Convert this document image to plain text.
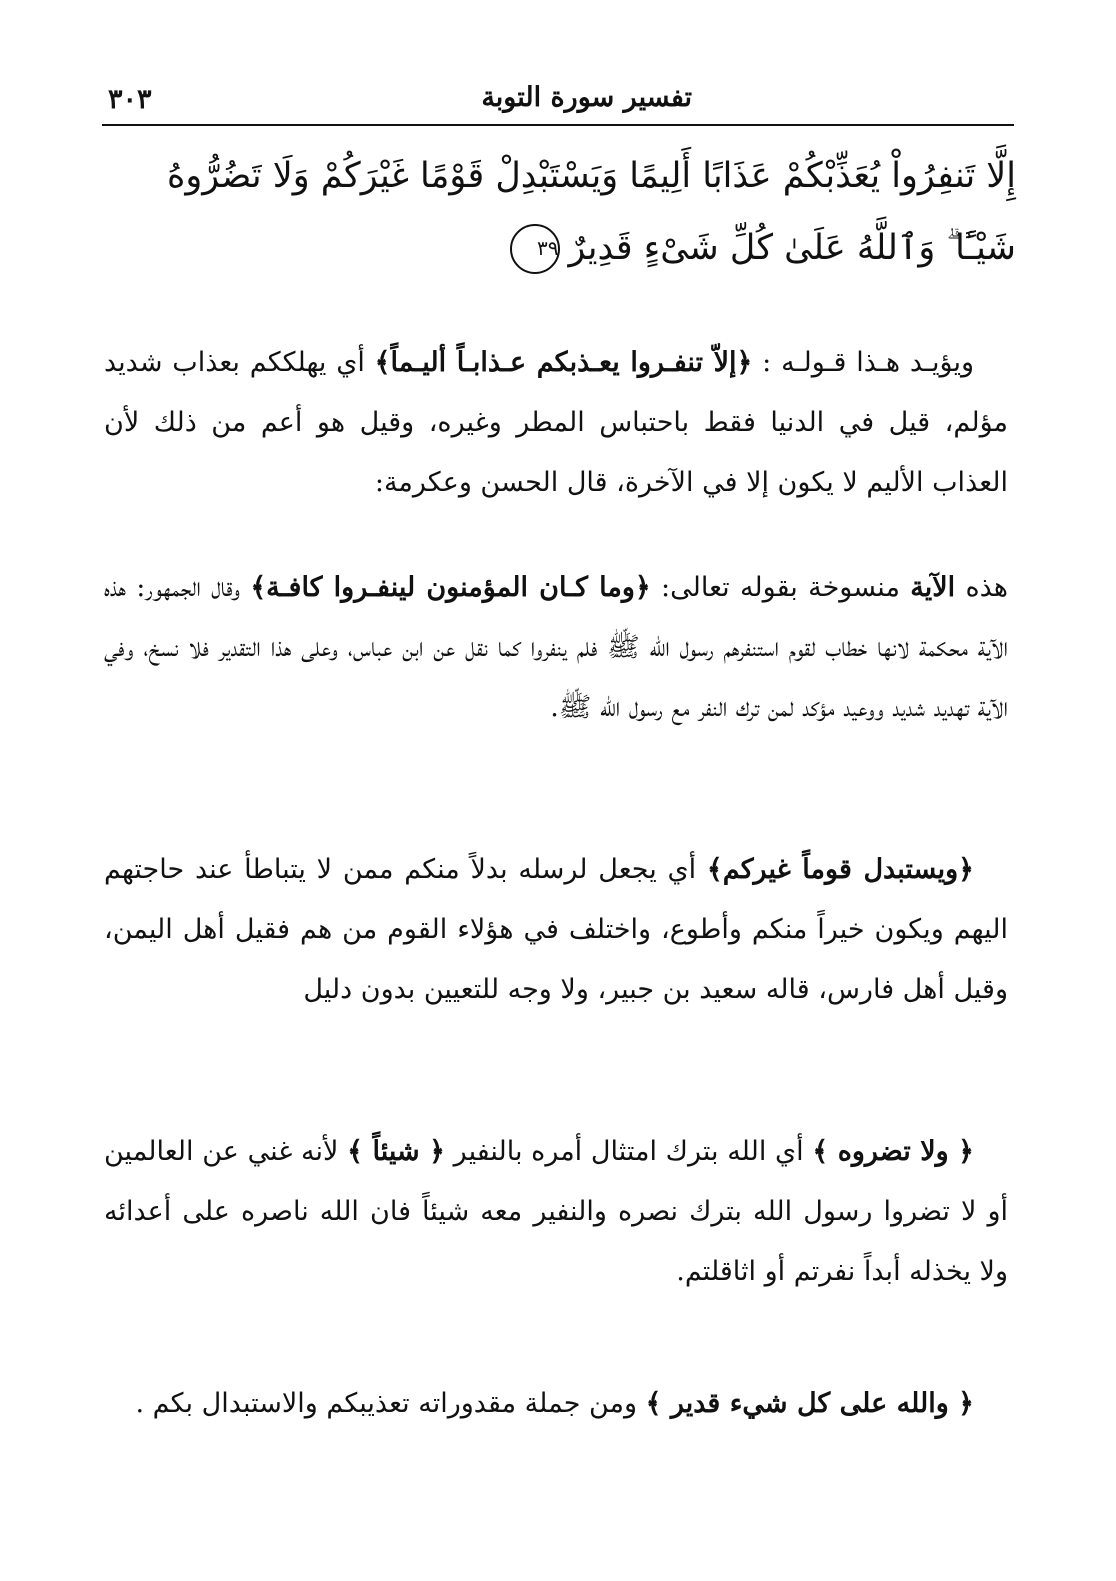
تفسير سورة التوبة
٣٠٣
إِلَّا تَنفِرُواْ يُعَذِّبْكُمْ عَذَابًا أَلِيمًا وَيَسْتَبْدِلْ قَوْمًا غَيْرَكُمْ وَلَا تَضُرُّوهُ
شَيْـًٔا ۗ وَٱللَّهُ عَلَىٰ كُلِّ شَىْءٍ قَدِيرٌ٣٩
ويؤيـد هـذا قـولـه : ﴿إلاّ تنفـروا يعـذبكم عـذابـاً أليـماً﴾ أي يهلككم بعذاب شديد مؤلم، قيل في الدنيا فقط باحتباس المطر وغيره، وقيل هو أعم من ذلك لأن العذاب الأليم لا يكون إلا في الآخرة، قال الحسن وعكرمة:
هذه الآية منسوخة بقوله تعالى: ﴿وما كـان المؤمنون لينفـروا كافـة﴾ وقال الجمهور: هذه الآية محكمة لانها خطاب لقوم استنفرهم رسول الله ﷺ فلم ينفروا كما نقل عن ابن عباس، وعلى هذا التقدير فلا نسخ، وفي الآية تهديد شديد ووعيد مؤكد لمن ترك النفر مع رسول الله ﷺ.
﴿ويستبدل قوماً غيركم﴾ أي يجعل لرسله بدلاً منكم ممن لا يتباطأ عند حاجتهم اليهم ويكون خيراً منكم وأطوع، واختلف في هؤلاء القوم من هم فقيل أهل اليمن، وقيل أهل فارس، قاله سعيد بن جبير، ولا وجه للتعيين بدون دليل
﴿ ولا تضروه ﴾ أي الله بترك امتثال أمره بالنفير ﴿ شيئاً ﴾ لأنه غني عن العالمين أو لا تضروا رسول الله بترك نصره والنفير معه شيئاً فان الله ناصره على أعدائه ولا يخذله أبداً نفرتم أو اثاقلتم.
﴿ والله على كل شيء قدير ﴾ ومن جملة مقدوراته تعذيبكم والاستبدال بكم .
